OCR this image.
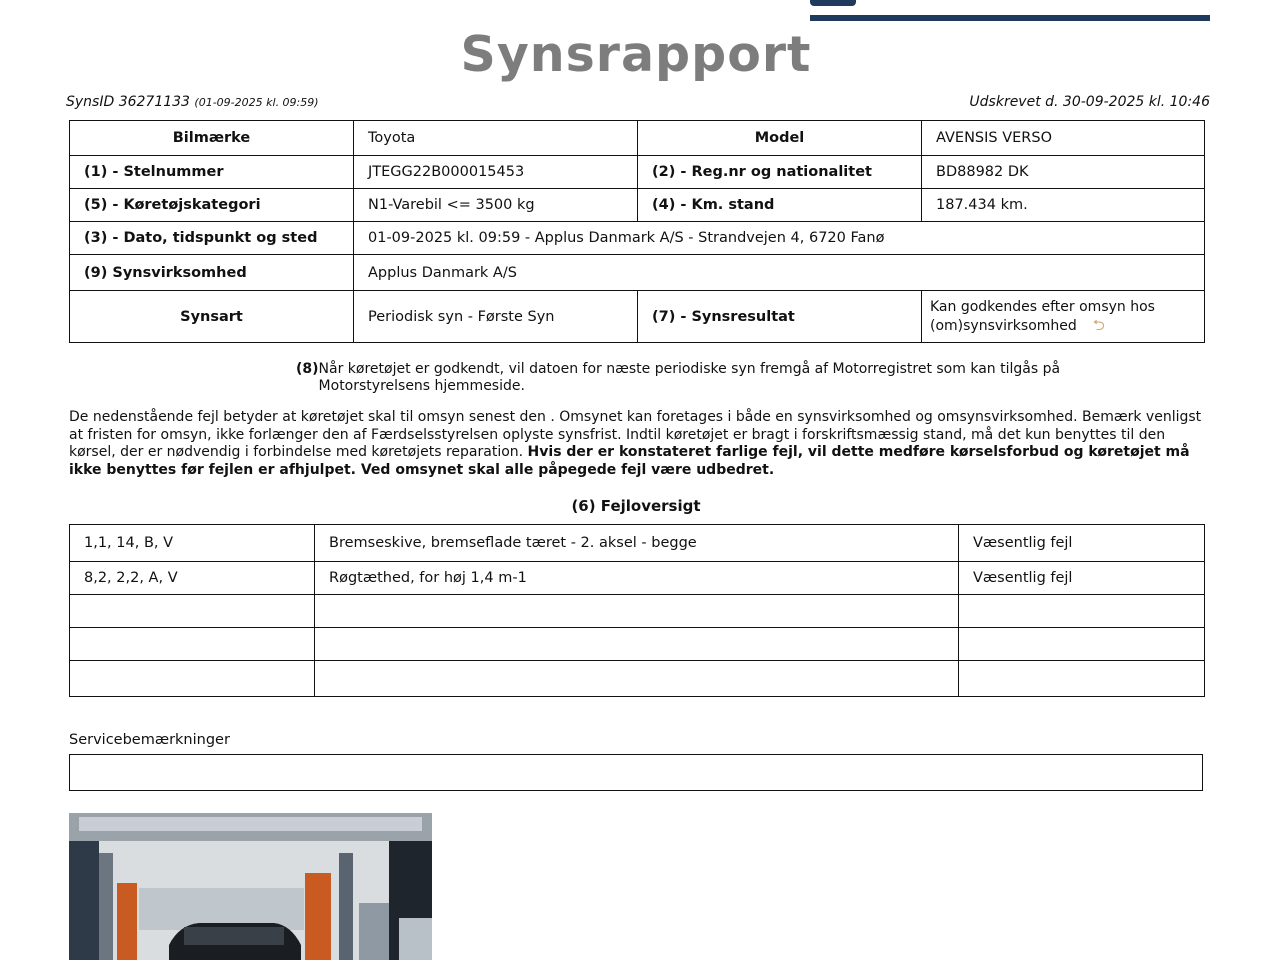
Synsrapport
SynsID 36271133 (01-09-2025 kl. 09:59)	Udskrevet d. 30-09-2025 kl. 10:46
Bilmærke	Toyota	Model	AVENSIS VERSO
(1) - Stelnummer	JTEGG22B000015453	(2) - Reg.nr og nationalitet	BD88982 DK
(5) - Køretøjskategori	N1-Varebil <= 3500 kg	(4) - Km. stand	187.434 km.
(3) - Dato, tidspunkt og sted	01-09-2025 kl. 09:59 - Applus Danmark A/S - Strandvejen 4, 6720 Fanø		
(9) Synsvirksomhed	Applus Danmark A/S		
Synsart	Periodisk syn - Første Syn	(7) - Synsresultat	Kan godkendes efter omsyn hos (om)synsvirksomhed ⮌
(8)Når køretøjet er godkendt, vil datoen for næste periodiske syn fremgå af Motorregistret som kan tilgås på Motorstyrelsens hjemmeside.
De nedenstående fejl betyder at køretøjet skal til omsyn senest den . Omsynet kan foretages i både en synsvirksomhed og omsynsvirksomhed. Bemærk venligst at fristen for omsyn, ikke forlænger den af Færdselsstyrelsen oplyste synsfrist. Indtil køretøjet er bragt i forskriftsmæssig stand, må det kun benyttes til den kørsel, der er nødvendig i forbindelse med køretøjets reparation. Hvis der er konstateret farlige fejl, vil dette medføre kørselsforbud og køretøjet må ikke benyttes før fejlen er afhjulpet. Ved omsynet skal alle påpegede fejl være udbedret.
(6) Fejloversigt
1,1, 14, B, V	Bremseskive, bremseflade tæret - 2. aksel - begge	Væsentlig fejl
8,2, 2,2, A, V	Røgtæthed, for høj 1,4 m-1	Væsentlig fejl

Servicebemærkninger
